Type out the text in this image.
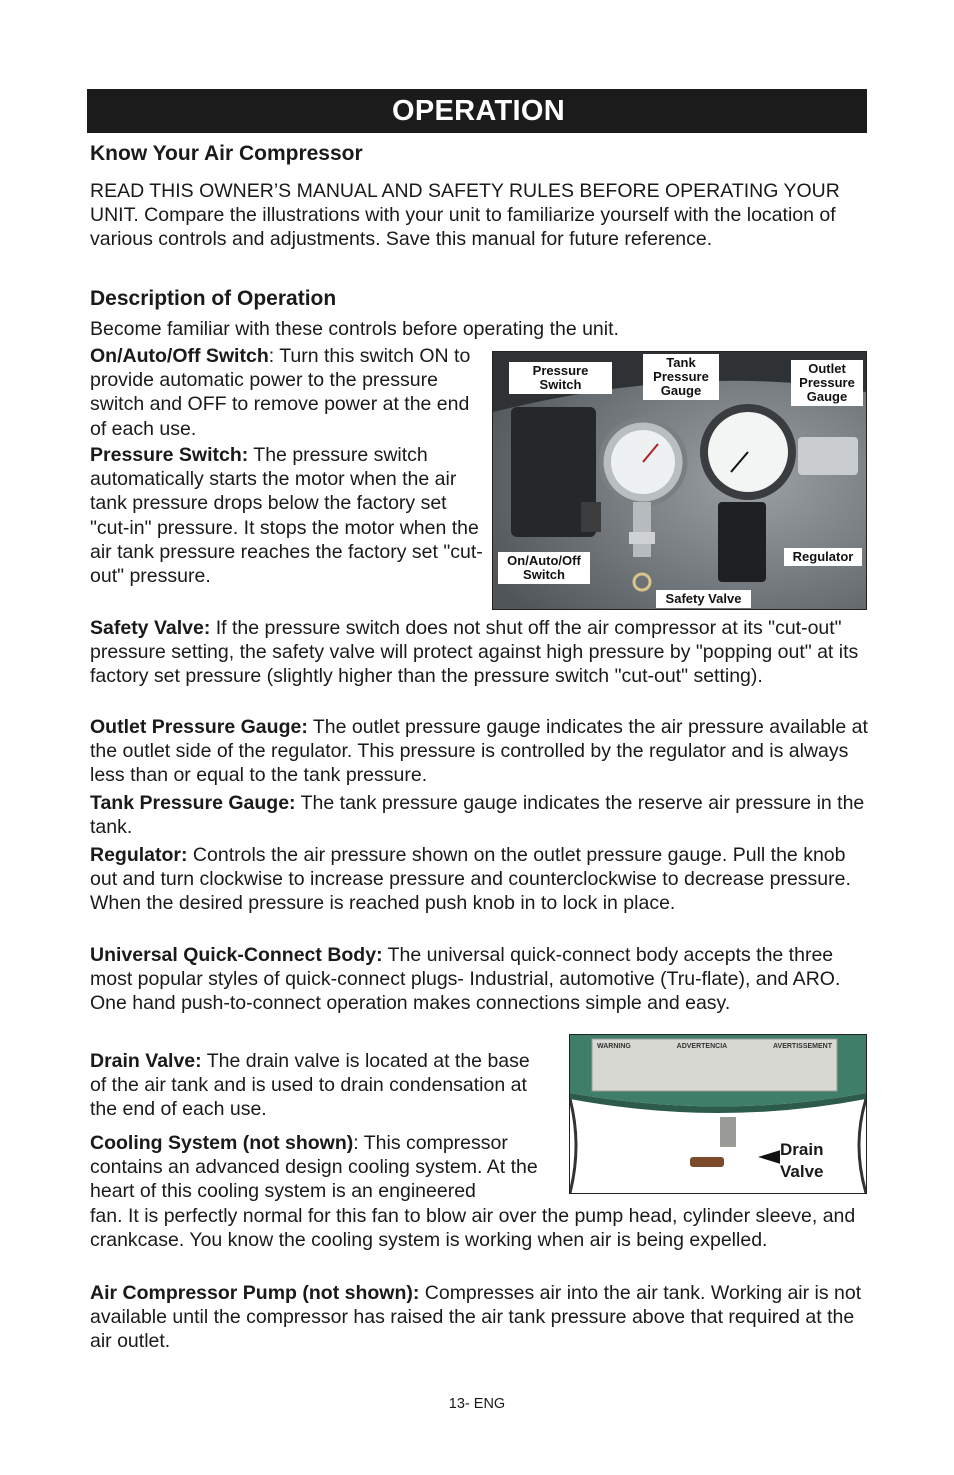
OPERATION
Know Your Air Compressor

READ THIS OWNER’S MANUAL AND SAFETY RULES BEFORE OPERATING YOUR UNIT. Compare the illustrations with your unit to familiarize yourself with the location of various controls and adjustments. Save this manual for future reference.

Description of Operation

Become familiar with these controls before operating the unit.

On/Auto/Off Switch: Turn this switch ON to provide automatic power to the pressure switch and OFF to remove power at the end of each use.

Pressure Switch: The pressure switch automatically starts the motor when the air tank pressure drops below the factory set "cut-in" pressure. It stops the motor when the air tank pressure reaches the factory set "cut-out" pressure.

Pressure Switch
Tank Pressure Gauge
Outlet Pressure Gauge
On/Auto/Off Switch
Regulator
Safety Valve

Safety Valve: If the pressure switch does not shut off the air compressor at its "cut-out" pressure setting, the safety valve will protect against high pressure by "popping out" at its factory set pressure (slightly higher than the pressure switch "cut-out" setting).

Outlet Pressure Gauge: The outlet pressure gauge indicates the air pressure available at the outlet side of the regulator. This pressure is controlled by the regulator and is always less than or equal to the tank pressure.

Tank Pressure Gauge: The tank pressure gauge indicates the reserve air pressure in the tank.

Regulator: Controls the air pressure shown on the outlet pressure gauge. Pull the knob out and turn clockwise to increase pressure and counterclockwise to decrease pressure. When the desired pressure is reached push knob in to lock in place.

Universal Quick-Connect Body: The universal quick-connect body accepts the three most popular styles of quick-connect plugs- Industrial, automotive (Tru-flate), and ARO. One hand push-to-connect operation makes connections simple and easy.

Drain Valve: The drain valve is located at the base of the air tank and is used to drain condensation at the end of each use.

WARNING	ADVERTENCIA	AVERTISSEMENT
Drain Valve

Cooling System (not shown): This compressor contains an advanced design cooling system. At the heart of this cooling system is an engineered

fan. It is perfectly normal for this fan to blow air over the pump head, cylinder sleeve, and crankcase. You know the cooling system is working when air is being expelled.

Air Compressor Pump (not shown): Compresses air into the air tank. Working air is not available until the compressor has raised the air tank pressure above that required at the air outlet.

13- ENG
